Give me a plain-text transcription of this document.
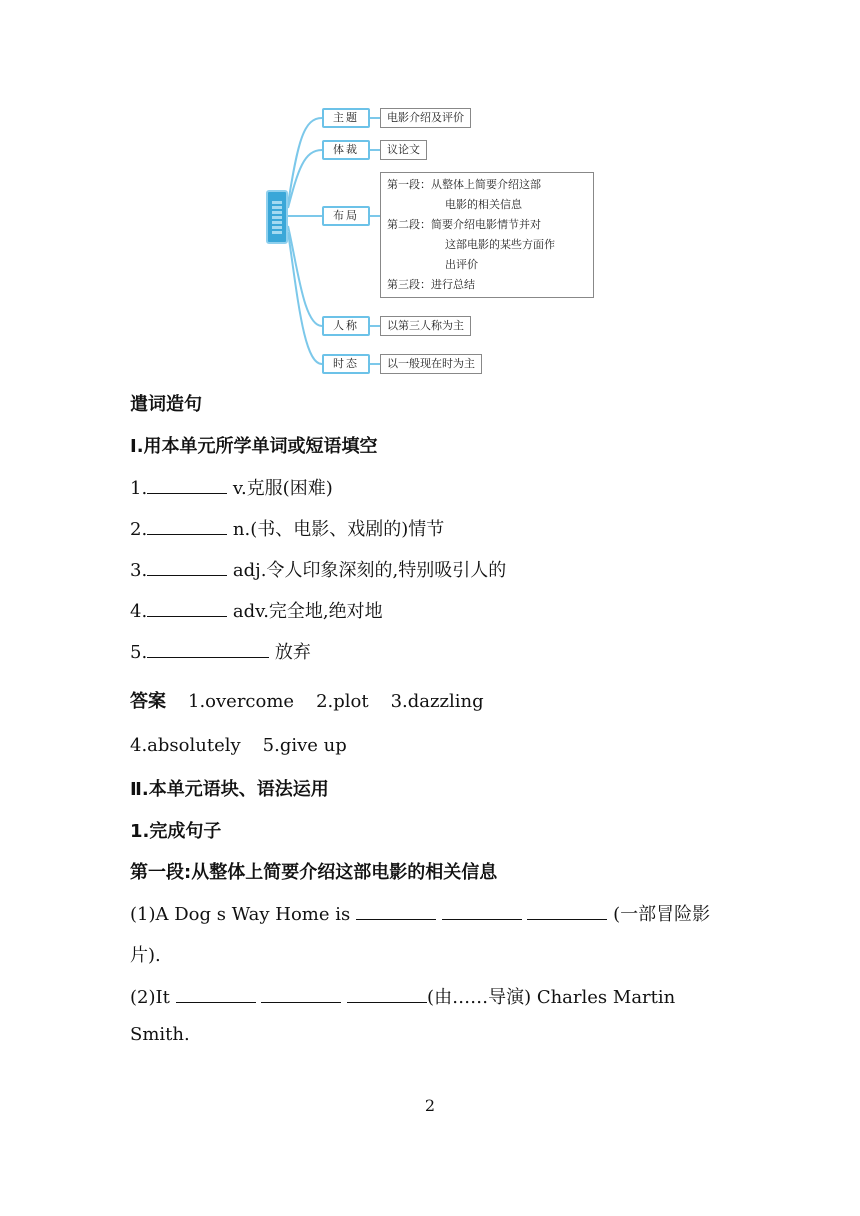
主题	电影介绍及评价
体裁	议论文
布局
第一段：从整体上简要介绍这部
电影的相关信息
第二段：简要介绍电影情节并对
这部电影的某些方面作
出评价
第三段：进行总结
人称	以第三人称为主
时态	以一般现在时为主
遣词造句
Ⅰ.用本单元所学单词或短语填空
1.	v.克服(困难)
2.	n.(书、电影、戏剧的)情节
3.	adj.令人印象深刻的,特别吸引人的
4.	adv.完全地,绝对地
5.	放弃
答案 1.overcome 2.plot 3.dazzling
4.absolutely 5.give up
Ⅱ.本单元语块、语法运用
1.完成句子
第一段:从整体上简要介绍这部电影的相关信息
(1)A Dog s Way Home is	(一部冒险影
片).
(2)It	(由……导演) Charles Martin
Smith.
2
